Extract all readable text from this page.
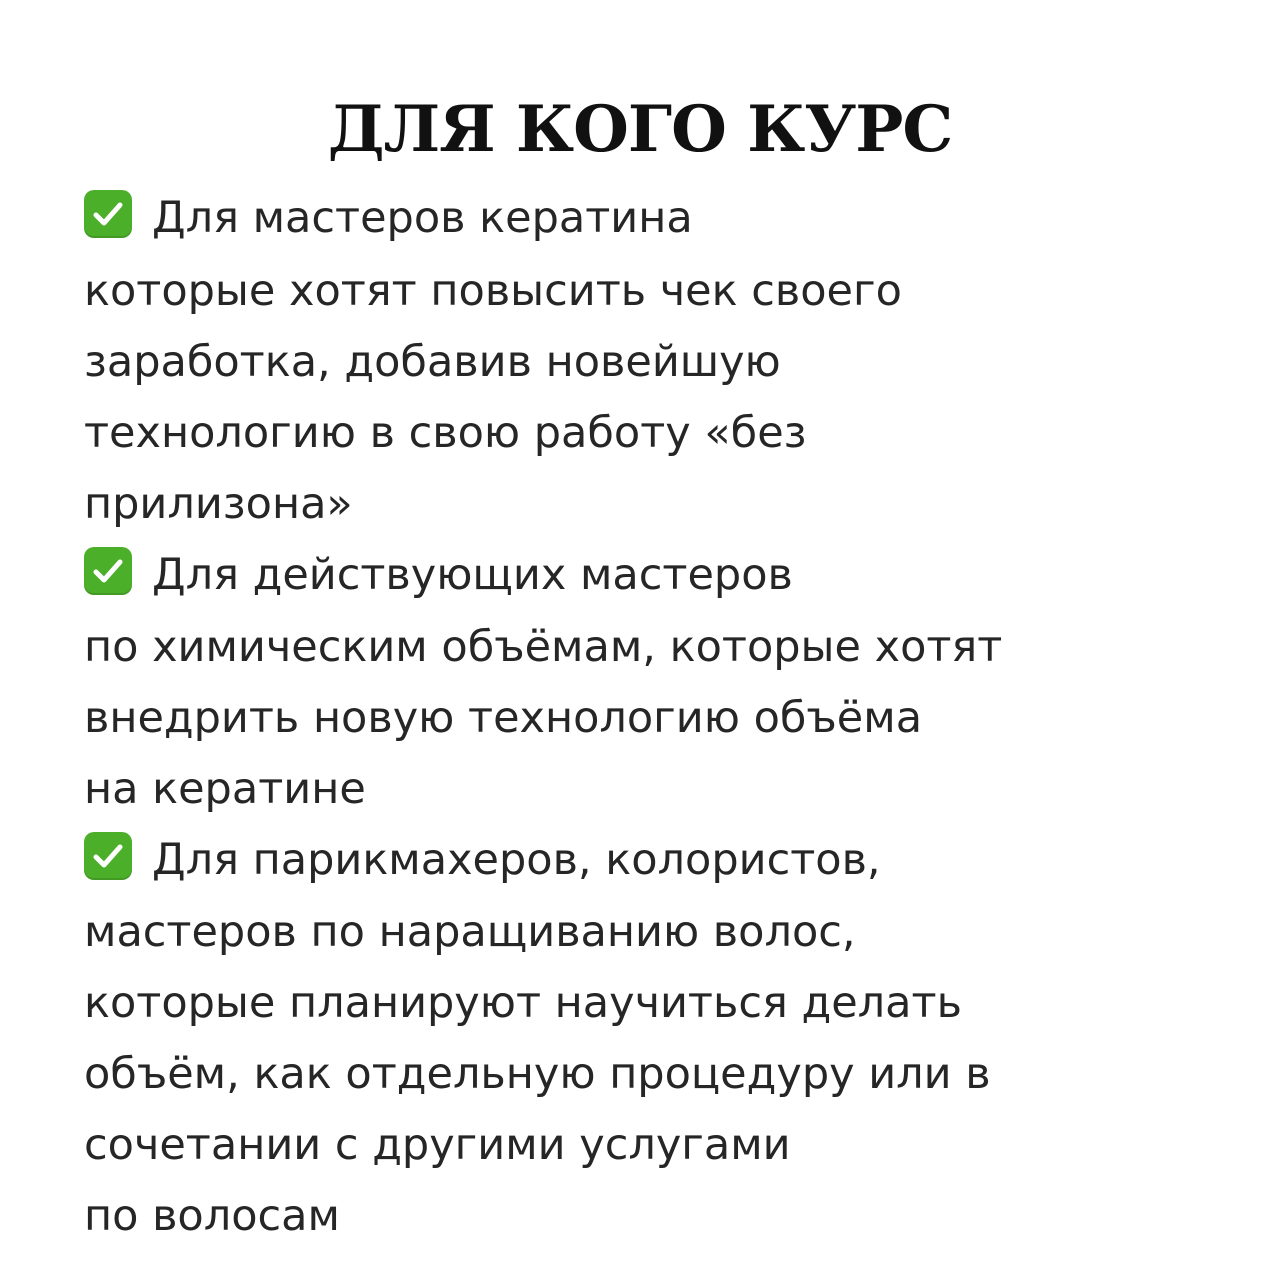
ДЛЯ КОГО КУРС
Для мастеров кератина
которые хотят повысить чек своего
заработка, добавив новейшую
технологию в свою работу «без
прилизона»
Для действующих мастеров
по химическим объёмам, которые хотят
внедрить новую технологию объёма
на кератине
Для парикмахеров, колористов,
мастеров по наращиванию волос,
которые планируют научиться делать
объём, как отдельную процедуру или в
сочетании с другими услугами
по волосам
